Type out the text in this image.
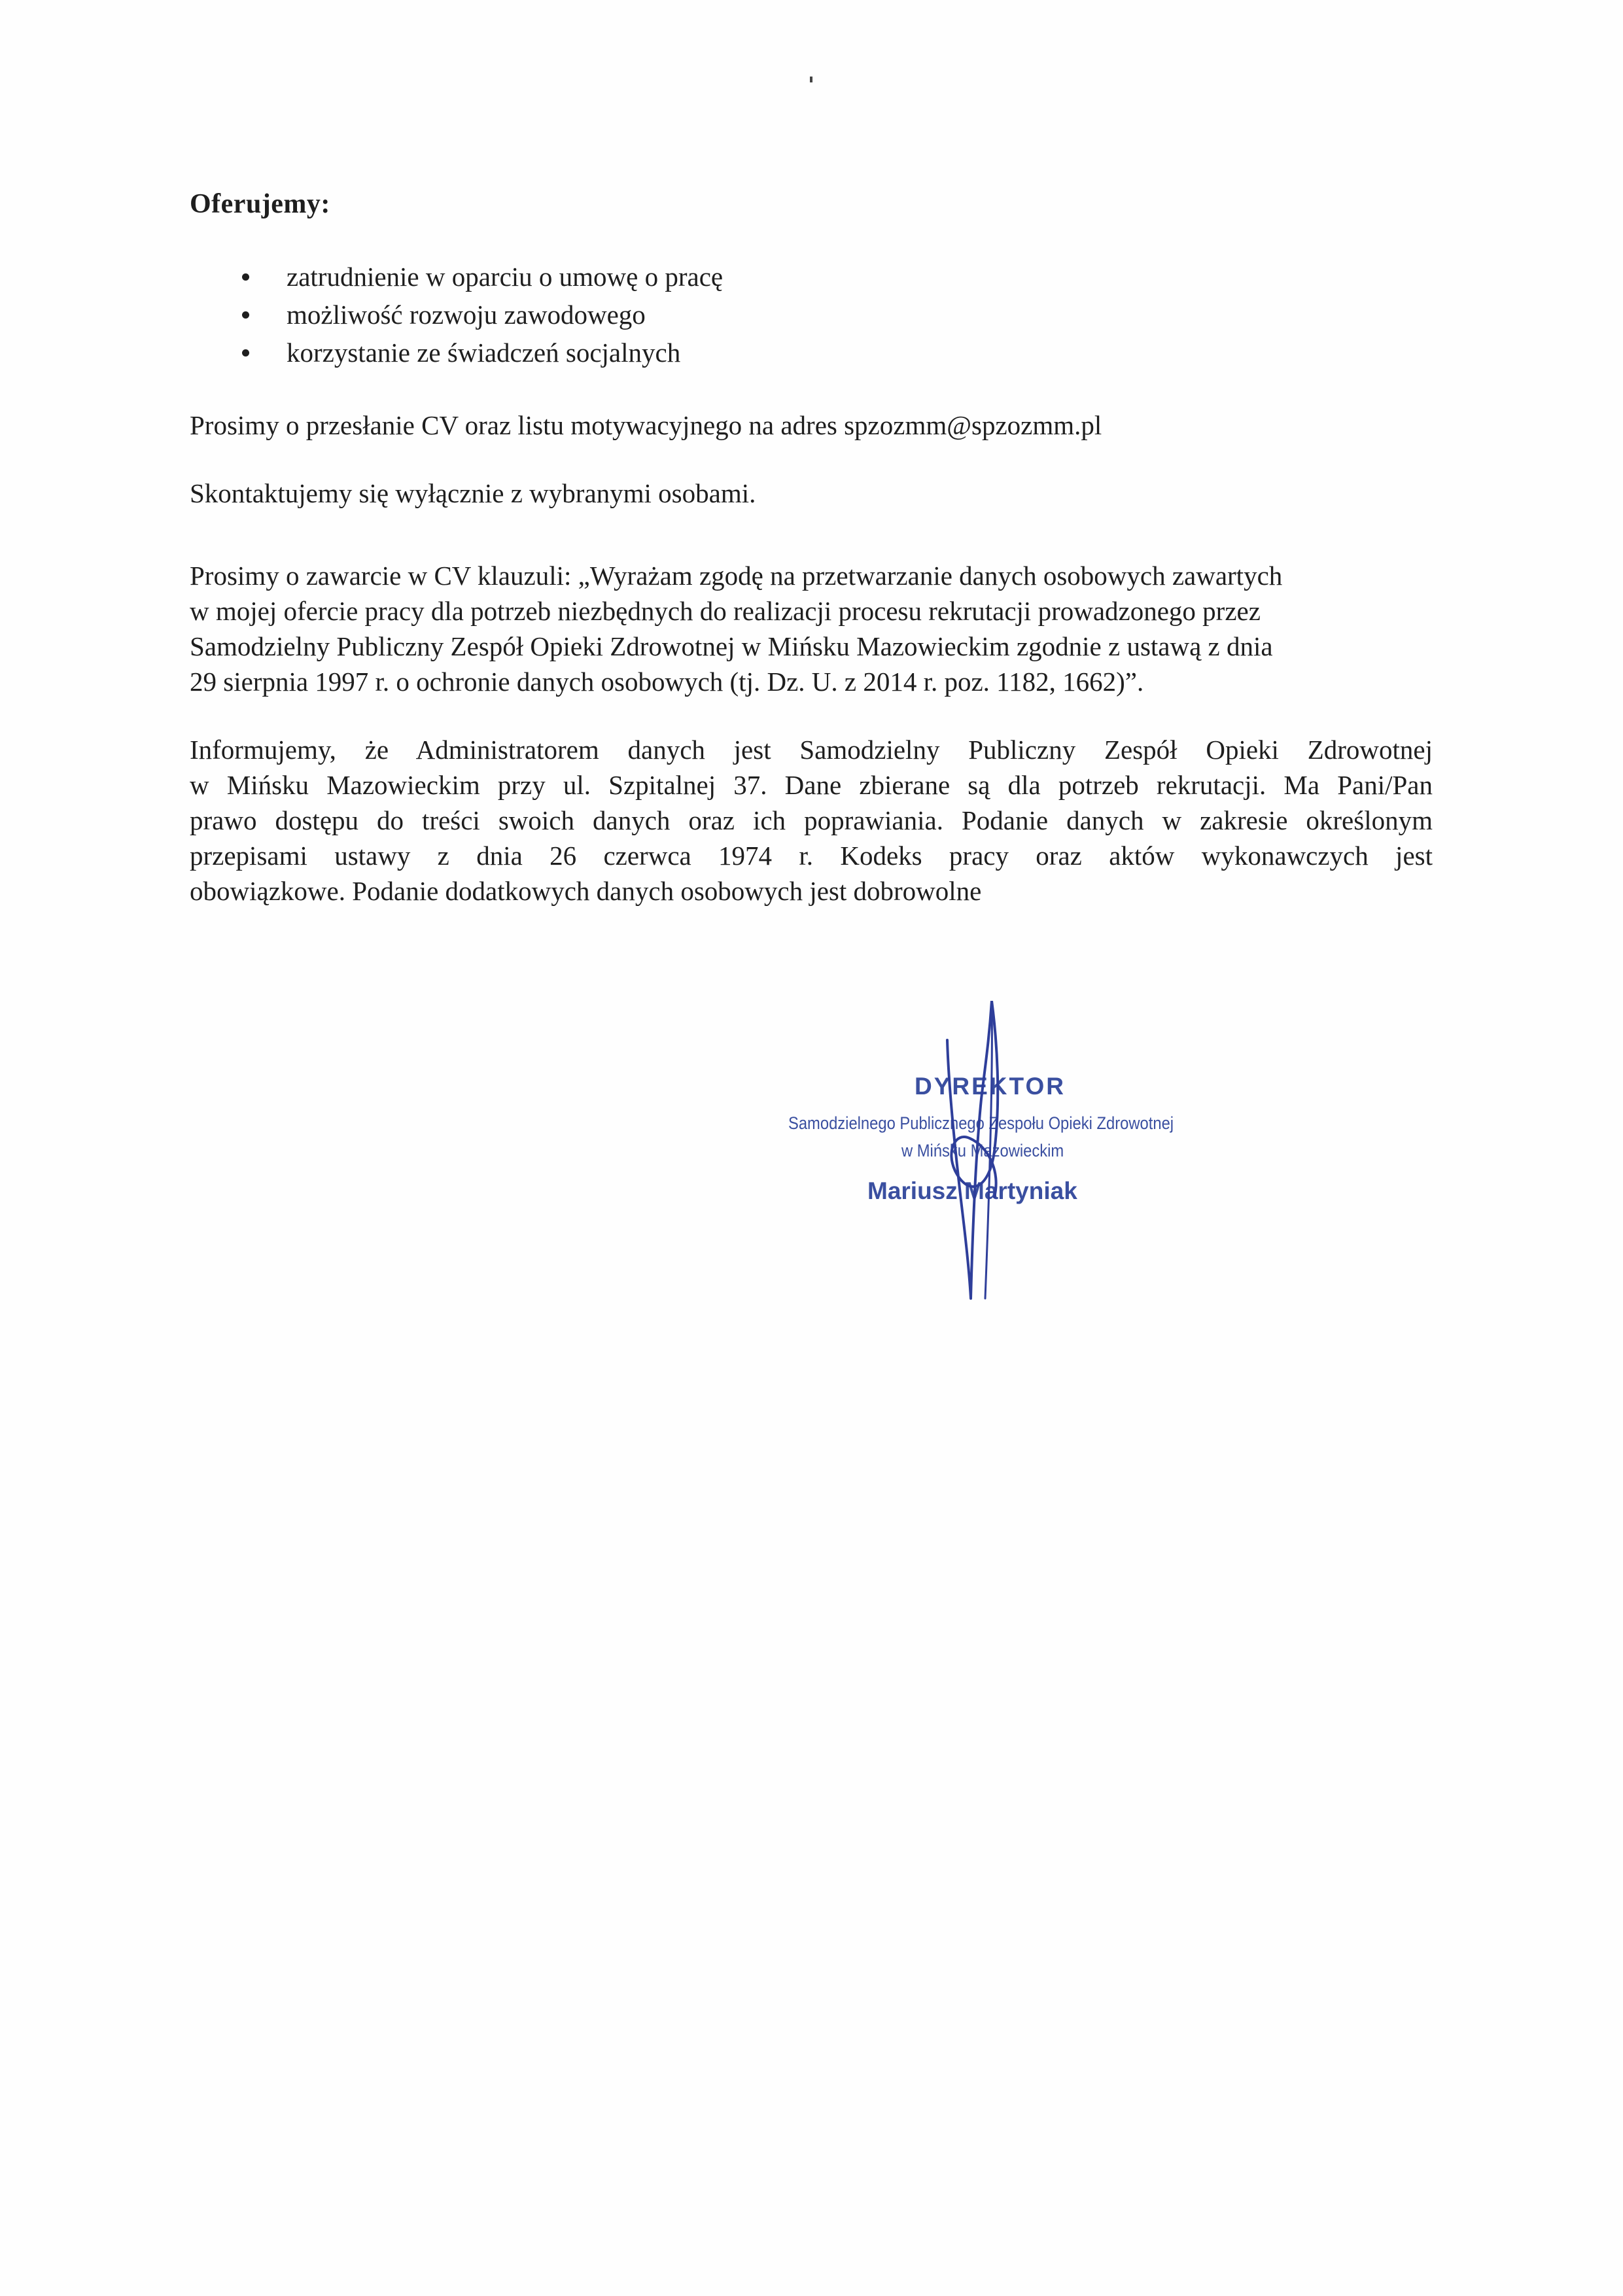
Oferujemy:
zatrudnienie w oparciu o umowę o pracę
możliwość rozwoju zawodowego
korzystanie ze świadczeń socjalnych

Prosimy o przesłanie CV oraz listu motywacyjnego na adres spzozmm@spzozmm.pl

Skontaktujemy się wyłącznie z wybranymi osobami.

Prosimy o zawarcie w CV klauzuli: „Wyrażam zgodę na przetwarzanie danych osobowych zawartych
w mojej ofercie pracy dla potrzeb niezbędnych do realizacji procesu rekrutacji prowadzonego przez
Samodzielny Publiczny Zespół Opieki Zdrowotnej w Mińsku Mazowieckim zgodnie z ustawą z dnia
29 sierpnia 1997 r. o ochronie danych osobowych (tj. Dz. U. z 2014 r. poz. 1182, 1662)”.

Informujemy, że Administratorem danych jest Samodzielny Publiczny Zespół Opieki Zdrowotnej
w Mińsku Mazowieckim przy ul. Szpitalnej 37. Dane zbierane są dla potrzeb rekrutacji. Ma Pani/Pan
prawo dostępu do treści swoich danych oraz ich poprawiania. Podanie danych w zakresie określonym
przepisami ustawy z dnia 26 czerwca 1974 r. Kodeks pracy oraz aktów wykonawczych jest
obowiązkowe. Podanie dodatkowych danych osobowych jest dobrowolne

DYREKTOR
Samodzielnego Publicznego Zespołu Opieki Zdrowotnej
w Mińsku Mazowieckim
Mariusz Martyniak
